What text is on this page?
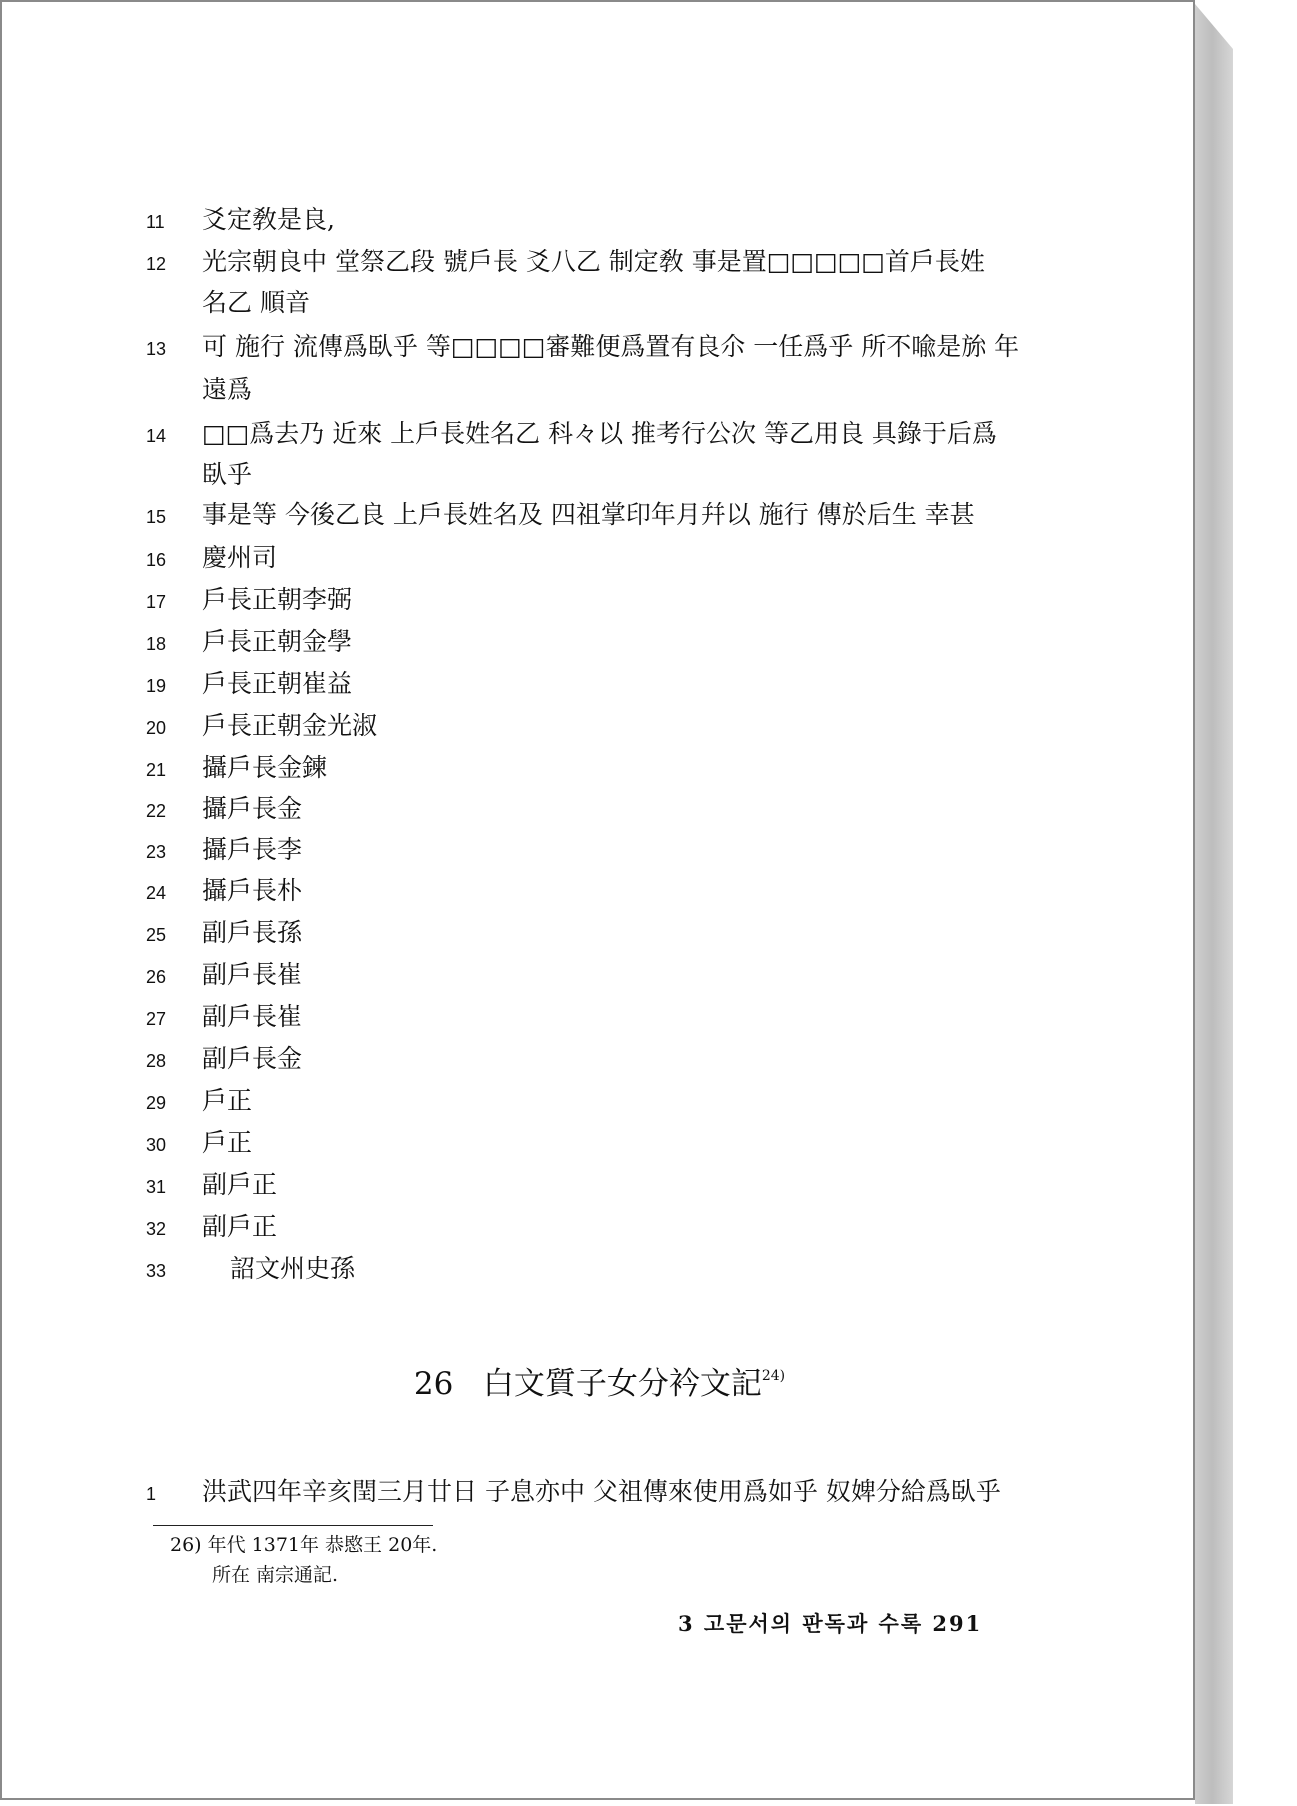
11 爻定敎是良,
12 光宗朝良中 堂祭乙段 號戶長 爻八乙 制定敎 事是置□□□□□首戶長姓
名乙 順音
13 可 施行 流傳爲臥乎 等□□□□審難便爲置有良尒 一任爲乎 所不喩是旀 年
遠爲
14 □□爲去乃 近來 上戶長姓名乙 科々以 推考行公次 等乙用良 具錄于后爲
臥乎
15 事是等 今後乙良 上戶長姓名及 四祖掌印年月幷以 施行 傳於后生 幸甚
16 慶州司
17 戶長正朝李弼
18 戶長正朝金學
19 戶長正朝崔益
20 戶長正朝金光淑
21 攝戶長金鍊
22 攝戶長金
23 攝戶長李
24 攝戶長朴
25 副戶長孫
26 副戶長崔
27 副戶長崔
28 副戶長金
29 戶正
30 戶正
31 副戶正
32 副戶正
33	詔文州史孫
26 白文質子女分衿文記$^{24)}$
1 洪武四年辛亥閏三月廿日 子息亦中 父祖傳來使用爲如乎 奴婢分給爲臥乎
26) 年代 1371年 恭愍王 20年.
所在 南宗通記.
3 고문서의 판독과 수록 291
